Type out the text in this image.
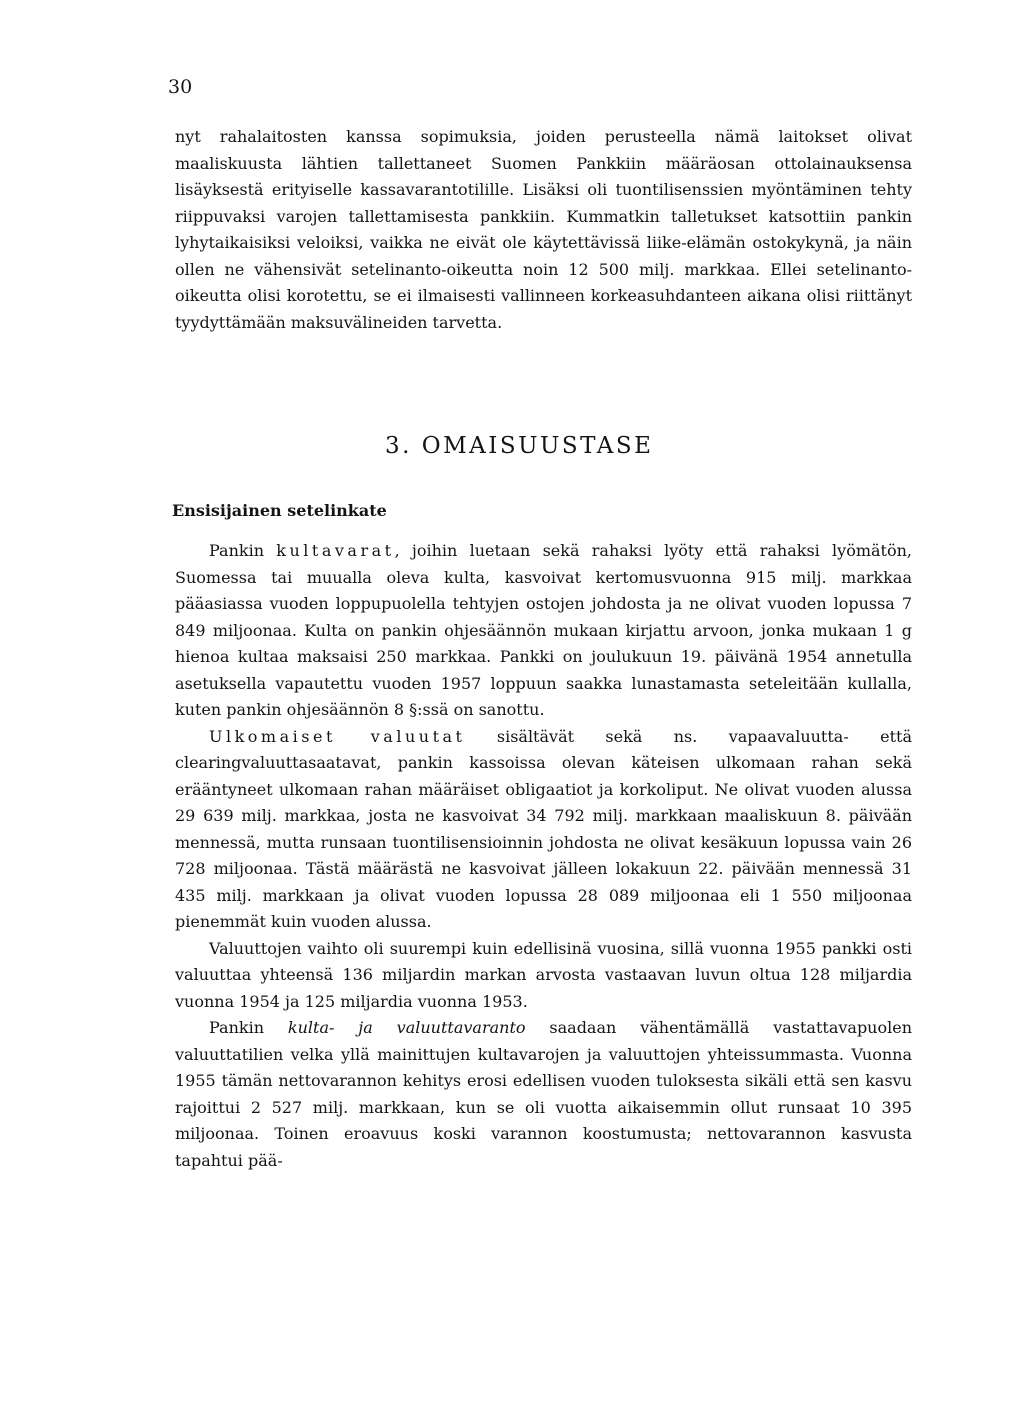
30

nyt rahalaitosten kanssa sopimuksia, joiden perusteella nämä laitokset olivat maaliskuusta lähtien tallettaneet Suomen Pankkiin määräosan ottolainauksensa lisäyksestä erityiselle kassavarantotilille. Lisäksi oli tuontilisenssien myöntäminen tehty riippuvaksi varojen tallettamisesta pankkiin. Kummatkin talletukset katsottiin pankin lyhytaikaisiksi veloiksi, vaikka ne eivät ole käytettävissä liike-elämän ostokykynä, ja näin ollen ne vähensivät setelinanto-oikeutta noin 12 500 milj. markkaa. Ellei setelinanto-oikeutta olisi korotettu, se ei ilmaisesti vallinneen korkeasuhdanteen aikana olisi riittänyt tyydyttämään maksuvälineiden tarvetta.

3. OMAISUUSTASE
Ensisijainen setelinkate

Pankin kultavarat, joihin luetaan sekä rahaksi lyöty että rahaksi lyömätön, Suomessa tai muualla oleva kulta, kasvoivat kertomusvuonna 915 milj. markkaa pääasiassa vuoden loppupuolella tehtyjen ostojen johdosta ja ne olivat vuoden lopussa 7 849 miljoonaa. Kulta on pankin ohjesäännön mukaan kirjattu arvoon, jonka mukaan 1 g hienoa kultaa maksaisi 250 markkaa. Pankki on joulukuun 19. päivänä 1954 annetulla asetuksella vapautettu vuoden 1957 loppuun saakka lunastamasta seteleitään kullalla, kuten pankin ohjesäännön 8 §:ssä on sanottu.

Ulkomaiset valuutat sisältävät sekä ns. vapaavaluutta- että clearingvaluuttasaatavat, pankin kassoissa olevan käteisen ulkomaan rahan sekä erääntyneet ulkomaan rahan määräiset obligaatiot ja korkoliput. Ne olivat vuoden alussa 29 639 milj. markkaa, josta ne kasvoivat 34 792 milj. markkaan maaliskuun 8. päivään mennessä, mutta runsaan tuontilisensioinnin johdosta ne olivat kesäkuun lopussa vain 26 728 miljoonaa. Tästä määrästä ne kasvoivat jälleen lokakuun 22. päivään mennessä 31 435 milj. markkaan ja olivat vuoden lopussa 28 089 miljoonaa eli 1 550 miljoonaa pienemmät kuin vuoden alussa.

Valuuttojen vaihto oli suurempi kuin edellisinä vuosina, sillä vuonna 1955 pankki osti valuuttaa yhteensä 136 miljardin markan arvosta vastaavan luvun oltua 128 miljardia vuonna 1954 ja 125 miljardia vuonna 1953.

Pankin kulta- ja valuuttavaranto saadaan vähentämällä vastattavapuolen valuuttatilien velka yllä mainittujen kultavarojen ja valuuttojen yhteissummasta. Vuonna 1955 tämän nettovarannon kehitys erosi edellisen vuoden tuloksesta sikäli että sen kasvu rajoittui 2 527 milj. markkaan, kun se oli vuotta aikaisemmin ollut runsaat 10 395 miljoonaa. Toinen eroavuus koski varannon koostumusta; nettovarannon kasvusta tapahtui pää-
